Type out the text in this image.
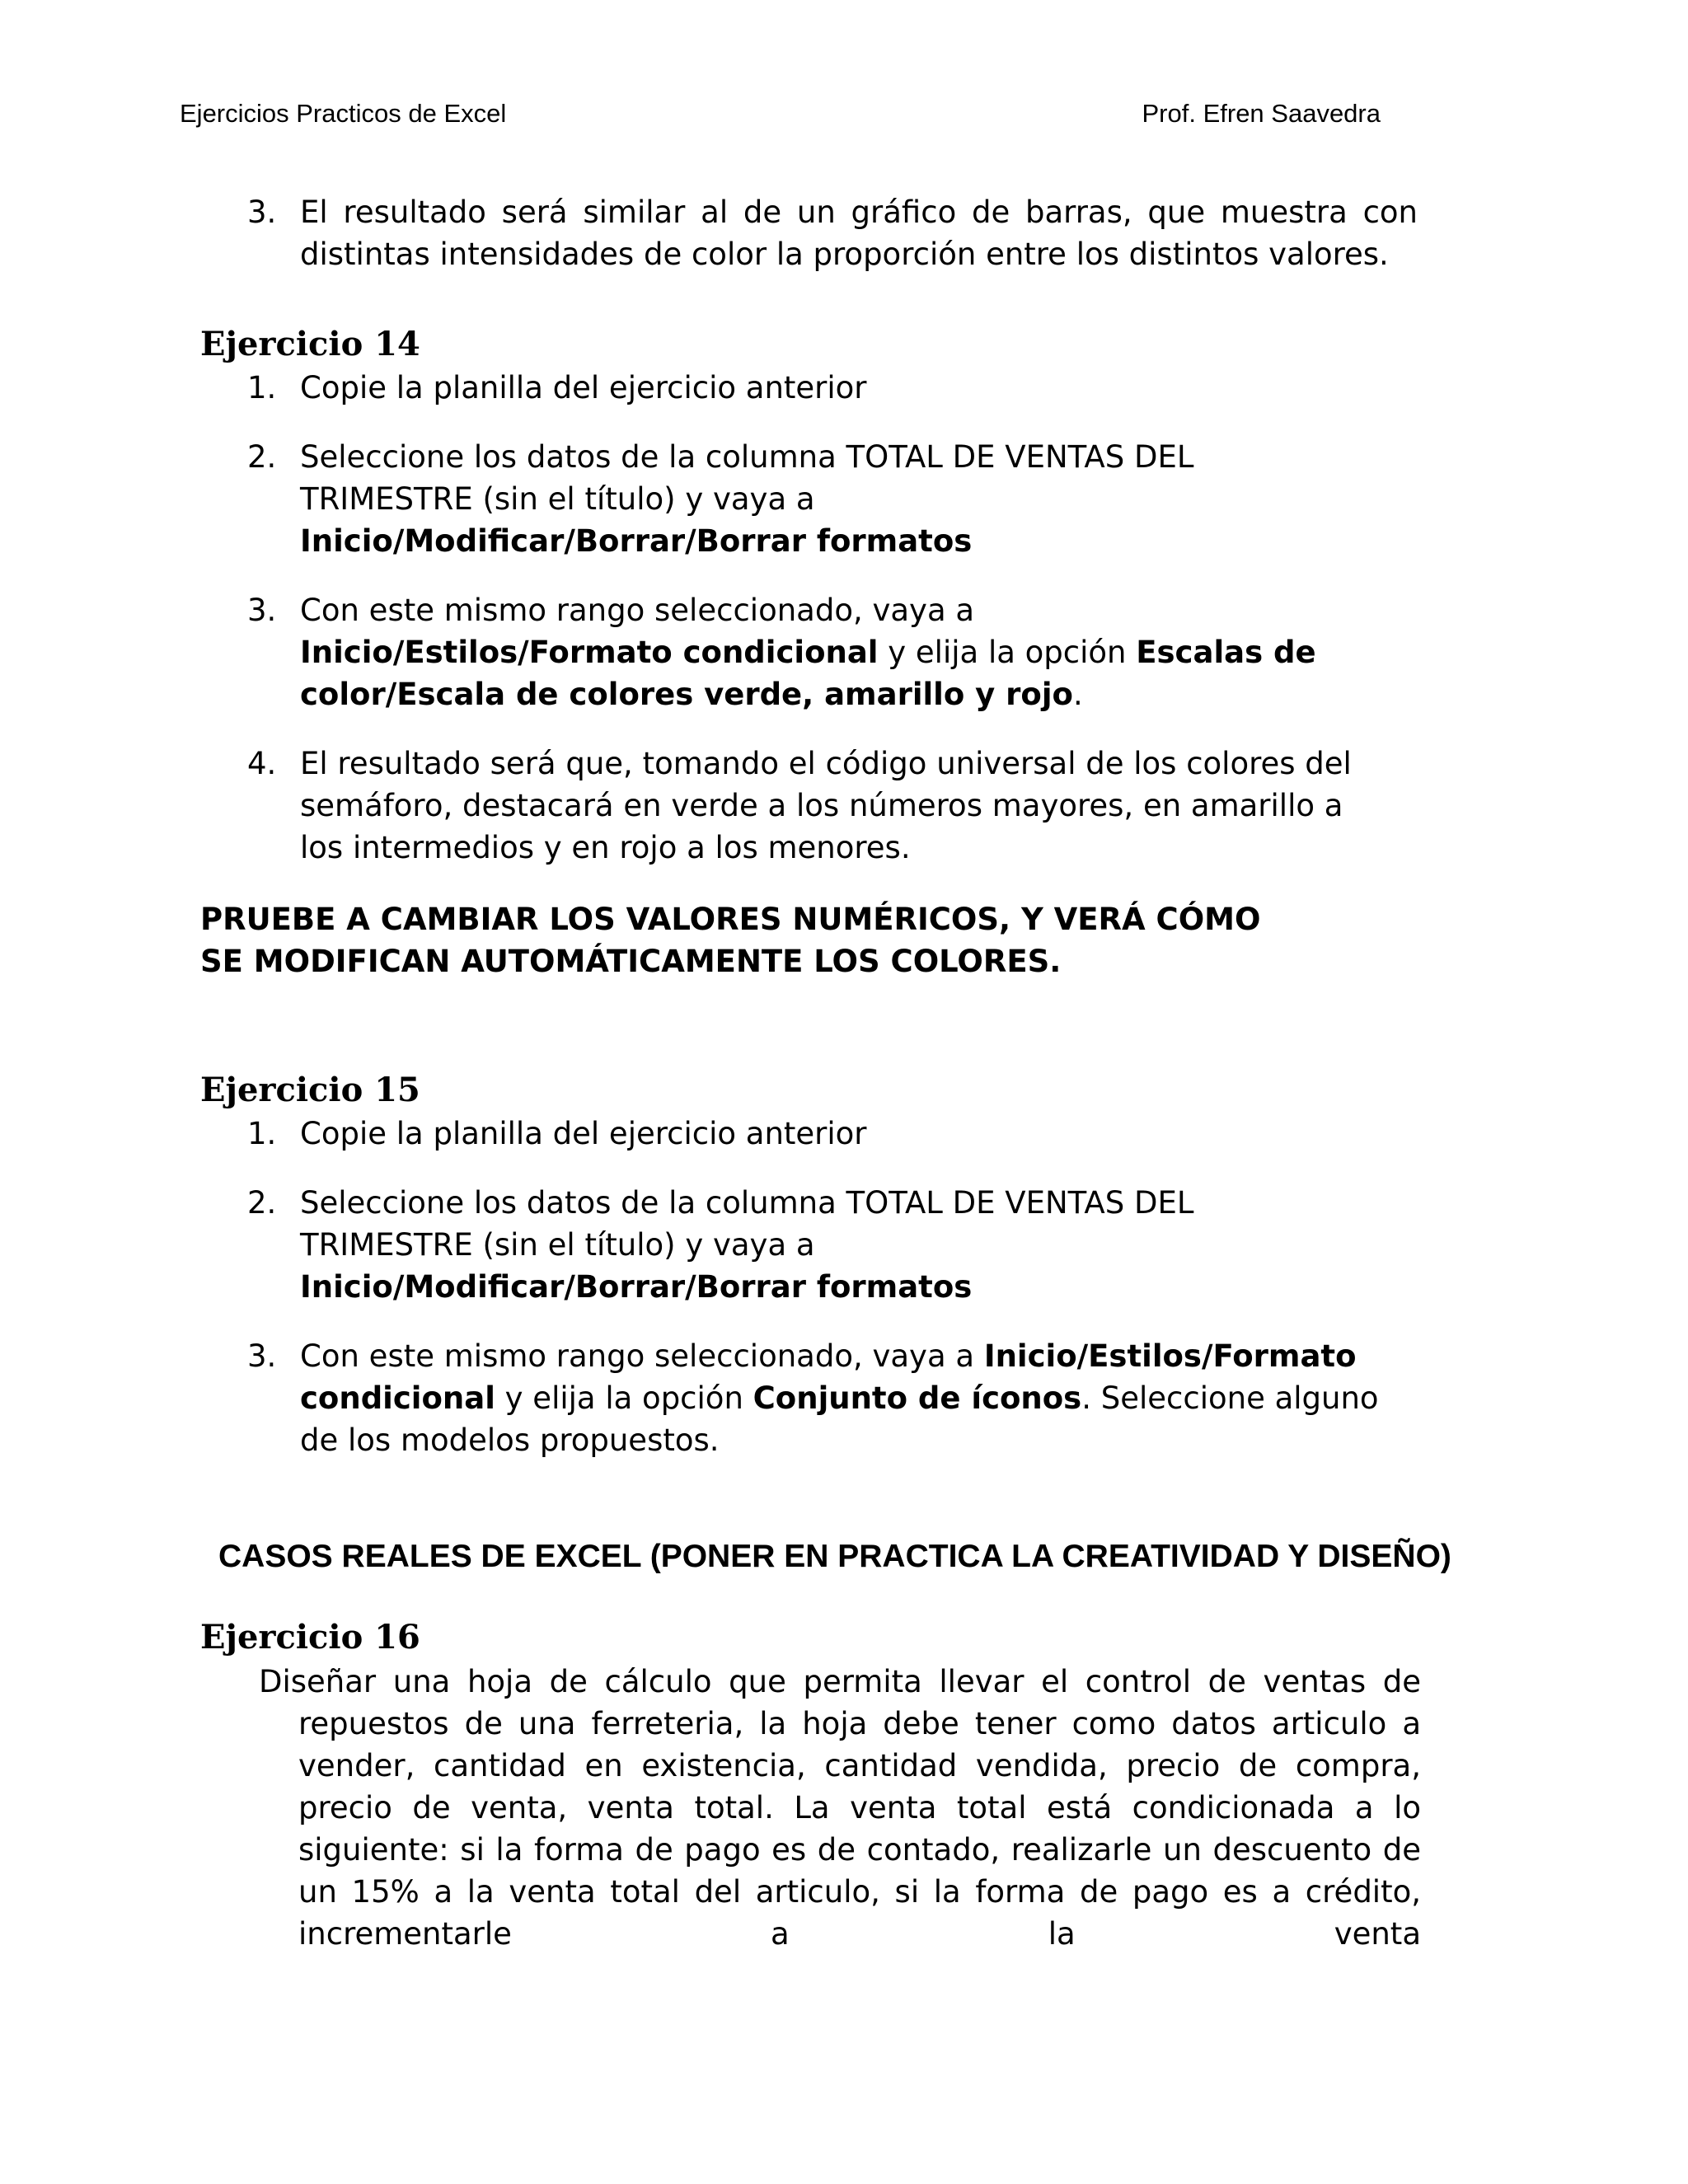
Ejercicios Practicos de Excel	Prof. Efren Saavedra
3. El resultado será similar al de un gráfico de barras, que muestra con distintas intensidades de color la proporción entre los distintos valores.
Ejercicio 14
1. Copie la planilla del ejercicio anterior
2. Seleccione los datos de la columna TOTAL DE VENTAS DEL TRIMESTRE (sin el título) y vaya a
Inicio/Modificar/Borrar/Borrar formatos
3. Con este mismo rango seleccionado, vaya a Inicio/Estilos/Formato condicional y elija la opción Escalas de color/Escala de colores verde, amarillo y rojo.
4. El resultado será que, tomando el código universal de los colores del semáforo, destacará en verde a los números mayores, en amarillo a los intermedios y en rojo a los menores.
PRUEBE A CAMBIAR LOS VALORES NUMÉRICOS, Y VERÁ CÓMO
SE MODIFICAN AUTOMÁTICAMENTE LOS COLORES.
Ejercicio 15
1. Copie la planilla del ejercicio anterior
2. Seleccione los datos de la columna TOTAL DE VENTAS DEL TRIMESTRE (sin el título) y vaya a
Inicio/Modificar/Borrar/Borrar formatos
3. Con este mismo rango seleccionado, vaya a Inicio/Estilos/Formato condicional y elija la opción Conjunto de íconos. Seleccione alguno de los modelos propuestos.
CASOS REALES DE EXCEL (PONER EN PRACTICA LA CREATIVIDAD Y DISEÑO)
Ejercicio 16
Diseñar una hoja de cálculo que permita llevar el control de ventas de repuestos de una ferreteria, la hoja debe tener como datos articulo a vender, cantidad en existencia, cantidad vendida, precio de compra, precio de venta, venta total. La venta total está condicionada a lo siguiente: si la forma de pago es de contado, realizarle un descuento de un 15% a la venta total del articulo, si la forma de pago es a crédito, incrementarle a la venta
